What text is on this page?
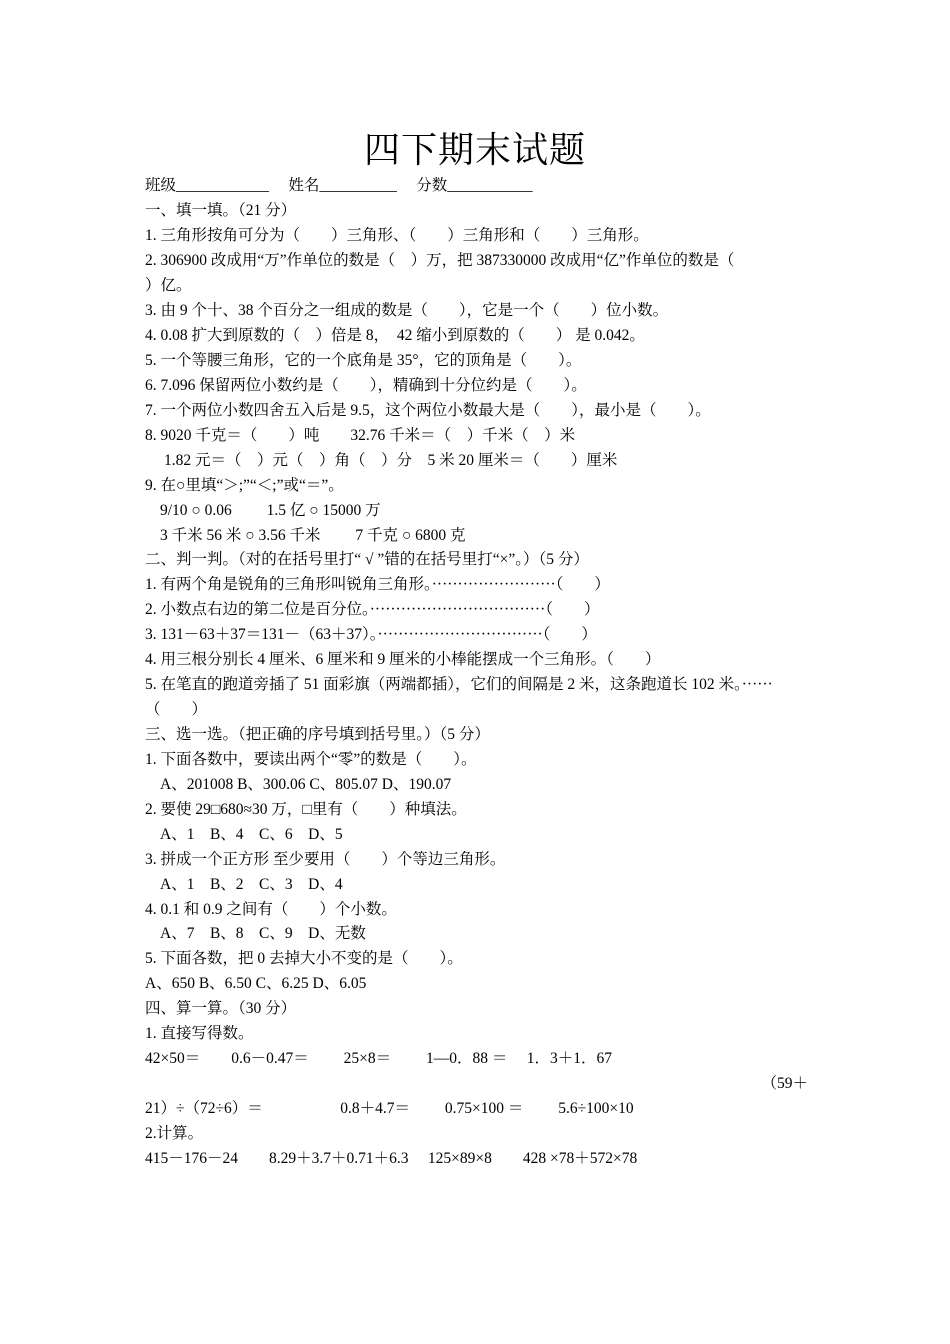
四下期末试题
班级____________　 姓名__________　 分数___________
一、填一填。（21 分）
1. 三角形按角可分为（　　）三角形、（　　）三角形和（　　）三角形。
2. 306900 改成用“万”作单位的数是（　）万，把 387330000 改成用“亿”作单位的数是（
）亿。
3. 由 9 个十、38 个百分之一组成的数是（　　），它是一个（　　）位小数。
4. 0.08 扩大到原数的（　）倍是 8，　42 缩小到原数的（　　） 是 0.042。
5. 一个等腰三角形，它的一个底角是 35°，它的顶角是（　　）。
6. 7.096 保留两位小数约是（　　），精确到十分位约是（　　）。
7. 一个两位小数四舍五入后是 9.5，这个两位小数最大是（　　），最小是（　　）。
8. 9020 千克＝（　　）吨　　32.76 千米＝（　）千米（　）米
1.82 元＝（　）元（　）角（　）分　5 米 20 厘米＝（　　）厘米
9. 在○里填“＞;”“＜;”或“＝”。
9/10 ○ 0.06　　 1.5 亿 ○ 15000 万
3 千米 56 米 ○ 3.56 千米　　 7 千克 ○ 6800 克
二、判一判。（对的在括号里打“ √ ”错的在括号里打“×”。）（5 分）
1. 有两个角是锐角的三角形叫锐角三角形。························（　　）
2. 小数点右边的第二位是百分位。··································（　　）
3. 131－63＋37＝131－（63＋37）。································（　　）
4. 用三根分别长 4 厘米、6 厘米和 9 厘米的小棒能摆成一个三角形。（　　）
5. 在笔直的跑道旁插了 51 面彩旗（两端都插），它们的间隔是 2 米，这条跑道长 102 米。······
（　　）
三、选一选。（把正确的序号填到括号里。）（5 分）
1. 下面各数中，要读出两个“零”的数是（　　）。
A、201008 B、300.06 C、805.07 D、190.07
2. 要使 29□680≈30 万，□里有（　　）种填法。
A、1　B、4　C、6　D、5
3. 拼成一个正方形 至少要用（　　）个等边三角形。
A、1　B、2　C、3　D、4
4. 0.1 和 0.9 之间有（　　）个小数。
A、7　B、8　C、9　D、无数
5. 下面各数，把 0 去掉大小不变的是（　　）。
A、650 B、6.50 C、6.25 D、6.05
四、算一算。（30 分）
1. 直接写得数。
42×50＝　　0.6－0.47＝　　 25×8＝　　 1—0．88 ＝　 1．3＋1．67
（59＋
21）÷（72÷6）＝　　　　　0.8＋4.7＝　　 0.75×100 ＝　　 5.6÷100×10
2.计算。
415－176－24　　8.29＋3.7＋0.71＋6.3　 125×89×8　　428 ×78＋572×78
